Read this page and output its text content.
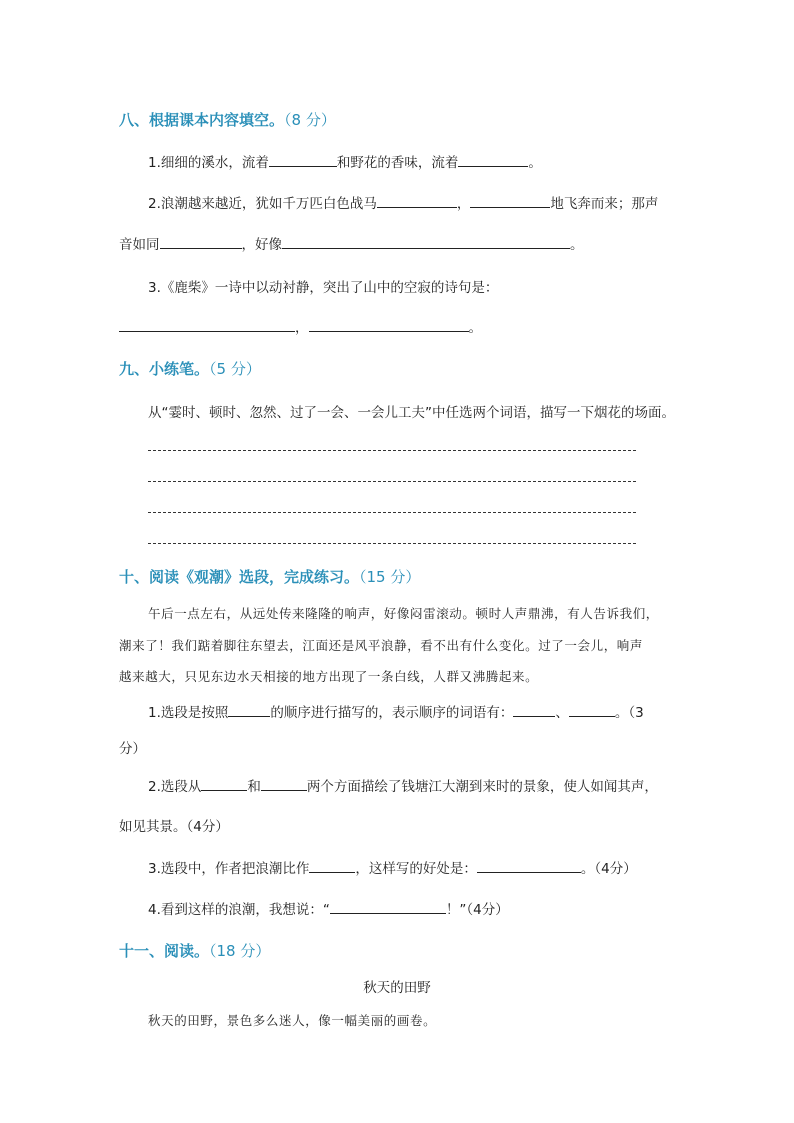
八、根据课本内容填空。（8 分）
1.细细的溪水，流着	和野花的香味，流着	。
2.浪潮越来越近，犹如千万匹白色战马	，	地飞奔而来；那声
音如同	，好像	。
3.《鹿柴》一诗中以动衬静，突出了山中的空寂的诗句是：
，	。
九、小练笔。（5 分）
从“霎时、顿时、忽然、过了一会、一会儿工夫”中任选两个词语，描写一下烟花的场面。
十、阅读《观潮》选段，完成练习。（15 分）
午后一点左右，从远处传来隆隆的响声，好像闷雷滚动。顿时人声鼎沸，有人告诉我们，
潮来了！我们踮着脚往东望去，江面还是风平浪静，看不出有什么变化。过了一会儿，响声
越来越大，只见东边水天相接的地方出现了一条白线，人群又沸腾起来。
1.选段是按照	的顺序进行描写的，表示顺序的词语有：	、	。（3
分）
2.选段从	和	两个方面描绘了钱塘江大潮到来时的景象，使人如闻其声，
如见其景。（4分）
3.选段中，作者把浪潮比作	，这样写的好处是：	。（4分）
4.看到这样的浪潮，我想说：“	！”（4分）
十一、阅读。（18 分）
秋天的田野
秋天的田野，景色多么迷人，像一幅美丽的画卷。
